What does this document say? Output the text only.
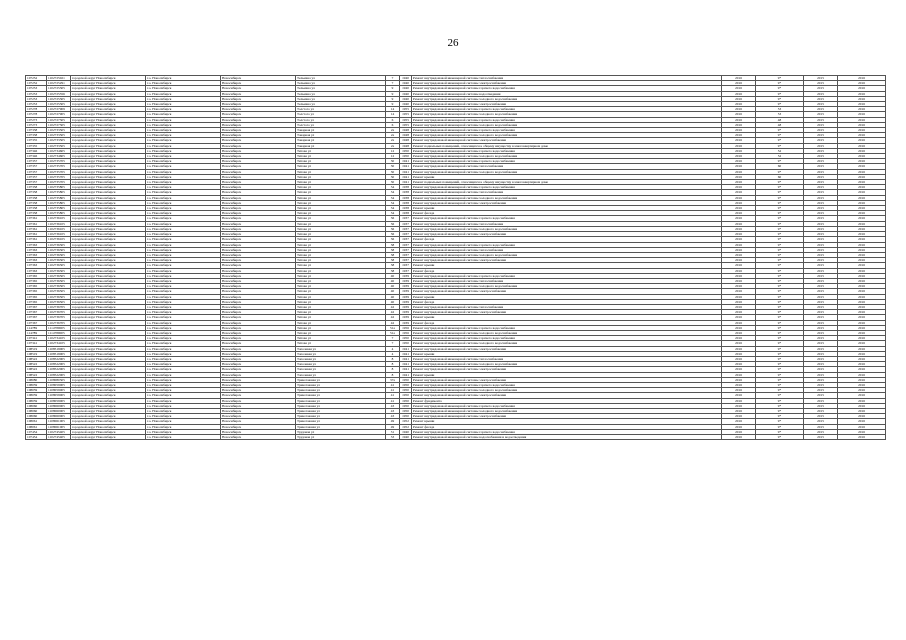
26
107252	1102725021	городской округ Новосибирск	г.о. Новосибирск	Новосибирск	Тельмана ул	7	1940	Ремонт внутридомовой инженерной системы теплоснабжения	2016	9*	2015	2016
107252	1102725291	городской округ Новосибирск	г.о. Новосибирск	Новосибирск	Тельмана ул	7	1940	Ремонт внутридомовой инженерной системы электроснабжения	2016	9*	2015	2016
107253	1102725305	городской округ Новосибирск	г.о. Новосибирск	Новосибирск	Тельмана ул	9	1940	Ремонт внутридомовой инженерной системы горячего водоснабжения	2016	9*	2015	2016
107253	1102725356	городской округ Новосибирск	г.о. Новосибирск	Новосибирск	Тельмана ул	9	1940	Ремонт внутридомовой инженерной системы водоотведения	2016	9*	2015	2016
107253	1102725305	городской округ Новосибирск	г.о. Новосибирск	Новосибирск	Тельмана ул	9	1940	Ремонт внутридомовой инженерной системы холодного водоснабжения	2016	9*	2015	2016
107253	1102725305	городской округ Новосибирск	г.о. Новосибирск	Новосибирск	Тельмана ул	9	1940	Ремонт внутридомовой инженерной системы электроснабжения	2016	9*	2015	2016
107278	1102727909	городской округ Новосибирск	г.о. Новосибирск	Новосибирск	Толстого ул	14	1955	Ремонт внутридомовой инженерной системы горячего водоснабжения	2016	53	2015	2016
107278	1102727905	городской округ Новосибирск	г.о. Новосибирск	Новосибирск	Толстого ул	14	1955	Ремонт внутридомовой инженерной системы холодного водоснабжения	2016	53	2015	2016
107273	1102727305	городской округ Новосибирск	г.о. Новосибирск	Новосибирск	Толстого ул	6	1955	Ремонт внутридомовой инженерной системы горячего водоснабжения	2016	48	2015	2016
107273	1102727305	городской округ Новосибирск	г.о. Новосибирск	Новосибирск	Толстого ул	6	1955	Ремонт внутридомовой инженерной системы холодного водоснабжения	2016	48	2015	2016
107338	1102733505	городской округ Новосибирск	г.о. Новосибирск	Новосибирск	Товарная ул	2а	1948	Ремонт внутридомовой инженерной системы горячего водоснабжения	2016	9*	2015	2016
107338	1102733505	городской округ Новосибирск	г.о. Новосибирск	Новосибирск	Товарная ул	2а	1948	Ремонт внутридомовой инженерной системы холодного водоснабжения	2016	9*	2015	2016
107335	1102733505	городской округ Новосибирск	г.о. Новосибирск	Новосибирск	Товарная ул	2а	1948	Ремонт внутридомовой инженерной системы электроснабжения	2016	9*	2015	2016
107335	1102733505	городской округ Новосибирск	г.о. Новосибирск	Новосибирск	Товарная ул	2а	1948	Ремонт подвальных помещений, относящихся к общему имуществу в многоквартирном доме	2016	9*	2015	2016
107346	1102734605	городской округ Новосибирск	г.о. Новосибирск	Новосибирск	Титова ул	12	1950	Ремонт внутридомовой инженерной системы горячего водоснабжения	2016	52	2015	2016
107346	1102734605	городской округ Новосибирск	г.о. Новосибирск	Новосибирск	Титова ул	12	1950	Ремонт внутридомовой инженерной системы холодного водоснабжения	2016	52	2015	2016
107357	1102735705	городской округ Новосибирск	г.о. Новосибирск	Новосибирск	Титова ул	30	1941	Ремонт внутридомовой инженерной системы горячего водоснабжения	2016	9*	2015	2016
107357	1102735705	городской округ Новосибирск	г.о. Новосибирск	Новосибирск	Титова ул	30	1941	Ремонт внутридомовой инженерной системы теплоснабжения	2016	60	2015	2016
107357	1102735705	городской округ Новосибирск	г.о. Новосибирск	Новосибирск	Титова ул	30	1941	Ремонт внутридомовой инженерной системы холодного водоснабжения	2016	9*	2015	2016
107357	1102735705	городской округ Новосибирск	г.о. Новосибирск	Новосибирск	Титова ул	30	1941	Ремонт крыши	2016	60	2015	2016
107357	1102735705	городской округ Новосибирск	г.о. Новосибирск	Новосибирск	Титова ул	30	1941	Ремонт подвальных помещений, относящихся к общему имуществу в многоквартирном доме	2016	9*	2015	2016
107358	1102735805	городской округ Новосибирск	г.о. Новосибирск	Новосибирск	Титова ул	34	1938	Ремонт внутридомовой инженерной системы горячего водоснабжения	2016	9*	2015	2016
107358	1102735805	городской округ Новосибирск	г.о. Новосибирск	Новосибирск	Титова ул	34	1938	Ремонт внутридомовой инженерной системы теплоснабжения	2016	9*	2015	2016
107358	1102735805	городской округ Новосибирск	г.о. Новосибирск	Новосибирск	Титова ул	34	1938	Ремонт внутридомовой инженерной системы холодного водоснабжения	2016	9*	2015	2016
107358	1102735805	городской округ Новосибирск	г.о. Новосибирск	Новосибирск	Титова ул	34	1938	Ремонт внутридомовой инженерной системы электроснабжения	2016	9*	2015	2016
107358	1102735805	городской округ Новосибирск	г.о. Новосибирск	Новосибирск	Титова ул	34	1938	Ремонт крыши	2016	9*	2015	2016
107358	1102735805	городской округ Новосибирск	г.о. Новосибирск	Новосибирск	Титова ул	34	1938	Ремонт фасада	2016	9*	2015	2016
107361	1102736105	городской округ Новосибирск	г.о. Новосибирск	Новосибирск	Титова ул	36	1937	Ремонт внутридомовой инженерной системы горячего водоснабжения	2016	9*	2015	2016
107361	1102736105	городской округ Новосибирск	г.о. Новосибирск	Новосибирск	Титова ул	36	1937	Ремонт внутридомовой инженерной системы теплоснабжения	2016	9*	2015	2016
107361	1102736105	городской округ Новосибирск	г.о. Новосибирск	Новосибирск	Титова ул	36	1937	Ремонт внутридомовой инженерной системы холодного водоснабжения	2016	9*	2015	2016
107361	1102736105	городской округ Новосибирск	г.о. Новосибирск	Новосибирск	Титова ул	36	1937	Ремонт внутридомовой инженерной системы электроснабжения	2016	9*	2015	2016
107361	1102736105	городской округ Новосибирск	г.о. Новосибирск	Новосибирск	Титова ул	36	1937	Ремонт фасада	2016	9*	2015	2016
107363	1102736305	городской округ Новосибирск	г.о. Новосибирск	Новосибирск	Титова ул	38	1937	Ремонт внутридомовой инженерной системы горячего водоснабжения	2016	9*	2015	2016
107363	1102736305	городской округ Новосибирск	г.о. Новосибирск	Новосибирск	Титова ул	38	1937	Ремонт внутридомовой инженерной системы теплоснабжения	2016	9*	2015	2016
107363	1102736305	городской округ Новосибирск	г.о. Новосибирск	Новосибирск	Титова ул	38	1937	Ремонт внутридомовой инженерной системы холодного водоснабжения	2016	9*	2015	2016
107363	1102736305	городской округ Новосибирск	г.о. Новосибирск	Новосибирск	Титова ул	38	1937	Ремонт внутридомовой инженерной системы электроснабжения	2016	9*	2015	2016
107363	1102736305	городской округ Новосибирск	г.о. Новосибирск	Новосибирск	Титова ул	38	1937	Ремонт крыши	2016	9*	2015	2016
107363	1102736305	городской округ Новосибирск	г.о. Новосибирск	Новосибирск	Титова ул	38	1937	Ремонт фасада	2016	9*	2015	2016
107365	1102736505	городской округ Новосибирск	г.о. Новосибирск	Новосибирск	Титова ул	40	1939	Ремонт внутридомовой инженерной системы горячего водоснабжения	2016	9*	2015	2016
107365	1102736505	городской округ Новосибирск	г.о. Новосибирск	Новосибирск	Титова ул	40	1939	Ремонт внутридомовой инженерной системы теплоснабжения	2016	9*	2015	2016
107365	1102736505	городской округ Новосибирск	г.о. Новосибирск	Новосибирск	Титова ул	40	1939	Ремонт внутридомовой инженерной системы холодного водоснабжения	2016	9*	2015	2016
107365	1102736505	городской округ Новосибирск	г.о. Новосибирск	Новосибирск	Титова ул	40	1939	Ремонт внутридомовой инженерной системы электроснабжения	2016	9*	2015	2016
107365	1102736505	городской округ Новосибирск	г.о. Новосибирск	Новосибирск	Титова ул	40	1939	Ремонт крыши	2016	9*	2015	2016
107365	1102736505	городской округ Новосибирск	г.о. Новосибирск	Новосибирск	Титова ул	40	1939	Ремонт фасада	2016	9*	2015	2016
107367	1102736705	городской округ Новосибирск	г.о. Новосибирск	Новосибирск	Титова ул	42	1939	Ремонт внутридомовой инженерной системы теплоснабжения	2016	9*	2015	2016
107367	1102736705	городской округ Новосибирск	г.о. Новосибирск	Новосибирск	Титова ул	42	1939	Ремонт внутридомовой инженерной системы электроснабжения	2016	9*	2015	2016
107367	1102736705	городской округ Новосибирск	г.о. Новосибирск	Новосибирск	Титова ул	42	1939	Ремонт крыши	2016	9*	2015	2016
107367	1102736705	городской округ Новосибирск	г.о. Новосибирск	Новосибирск	Титова ул	42	1939	Ремонт фасада	2016	9*	2015	2016
114789	1114789005	городской округ Новосибирск	г.о. Новосибирск	Новосибирск	Титова ул	51а	1956	Ремонт внутридомовой инженерной системы горячего водоснабжения	2016	9*	2015	2016
114789	1114789005	городской округ Новосибирск	г.о. Новосибирск	Новосибирск	Титова ул	51а	1956	Ремонт внутридомовой инженерной системы холодного водоснабжения	2016	9*	2015	2016
107341	1102734105	городской округ Новосибирск	г.о. Новосибирск	Новосибирск	Титова ул	7	1950	Ремонт внутридомовой инженерной системы горячего водоснабжения	2016	9*	2015	2016
107341	1102734105	городской округ Новосибирск	г.о. Новосибирск	Новосибирск	Титова ул	7	1950	Ремонт внутридомовой инженерной системы холодного водоснабжения	2016	9*	2015	2016
108519	1108519005	городской округ Новосибирск	г.о. Новосибирск	Новосибирск	Тополевая ул	4	1941	Ремонт внутридомовой инженерной системы электроснабжения	2016	9*	2015	2016
108519	1108519005	городской округ Новосибирск	г.о. Новосибирск	Новосибирск	Тополевая ул	4	1941	Ремонт крыши	2016	9*	2015	2016
108522	1108522005	городской округ Новосибирск	г.о. Новосибирск	Новосибирск	Тополевая ул	8	1941	Ремонт внутридомовой инженерной системы теплоснабжения	2016	9*	2015	2016
108522	1108522005	городской округ Новосибирск	г.о. Новосибирск	Новосибирск	Тополевая ул	8	1941	Ремонт внутридомовой инженерной системы холодного водоснабжения	2016	9*	2015	2016
108522	1108522005	городской округ Новосибирск	г.о. Новосибирск	Новосибирск	Тополевая ул	8	1941	Ремонт внутридомовой инженерной системы электроснабжения	2016	9*	2015	2016
108522	1108522005	городской округ Новосибирск	г.о. Новосибирск	Новосибирск	Тополевая ул	8	1941	Ремонт крыши	2016	9*	2015	2016
108080	1108080305	городской округ Новосибирск	г.о. Новосибирск	Новосибирск	Трикотажная ул	37а	1950	Ремонт внутридомовой инженерной системы электроснабжения	2016	9*	2015	2016
108059	1108059005	городской округ Новосибирск	г.о. Новосибирск	Новосибирск	Трикотажная ул	41	1950	Ремонт внутридомовой инженерной системы горячего водоснабжения	2016	9*	2015	2016
108059	1108059005	городской округ Новосибирск	г.о. Новосибирск	Новосибирск	Трикотажная ул	41	1950	Ремонт внутридомовой инженерной системы холодного водоснабжения	2016	9*	2015	2016
108059	1108059005	городской округ Новосибирск	г.о. Новосибирск	Новосибирск	Трикотажная ул	41	1950	Ремонт внутридомовой инженерной системы электроснабжения	2016	9*	2015	2016
108059	1108059005	городской округ Новосибирск	г.о. Новосибирск	Новосибирск	Трикотажная ул	41	1950	Ремонт фундамента	2016	9*	2015	2016
108060	1108060005	городской округ Новосибирск	г.о. Новосибирск	Новосибирск	Трикотажная ул	43	1950	Ремонт внутридомовой инженерной системы горячего водоснабжения	2016	9*	2015	2016
108060	1108060005	городской округ Новосибирск	г.о. Новосибирск	Новосибирск	Трикотажная ул	43	1950	Ремонт внутридомовой инженерной системы холодного водоснабжения	2016	9*	2015	2016
108060	1108060005	городской округ Новосибирск	г.о. Новосибирск	Новосибирск	Трикотажная ул	43	1950	Ремонт внутридомовой инженерной системы электроснабжения	2016	9*	2015	2016
108061	1108061005	городской округ Новосибирск	г.о. Новосибирск	Новосибирск	Трикотажная ул	49	1952	Ремонт крыши	2016	9*	2015	2016
108061	1108061005	городской округ Новосибирск	г.о. Новосибирск	Новосибирск	Трикотажная ул	49	1952	Ремонт фасада	2016	9*	2015	2016
107454	1102745405	городской округ Новосибирск	г.о. Новосибирск	Новосибирск	Трудовая ул	31	1940	Ремонт внутридомовой инженерной системы горячего водоснабжения	2016	9*	2015	2016
107454	1102745405	городской округ Новосибирск	г.о. Новосибирск	Новосибирск	Трудовая ул	33	1940	Ремонт внутридомовой инженерной системы водоснабжения и водоотведения	2016	9*	2015	2016
